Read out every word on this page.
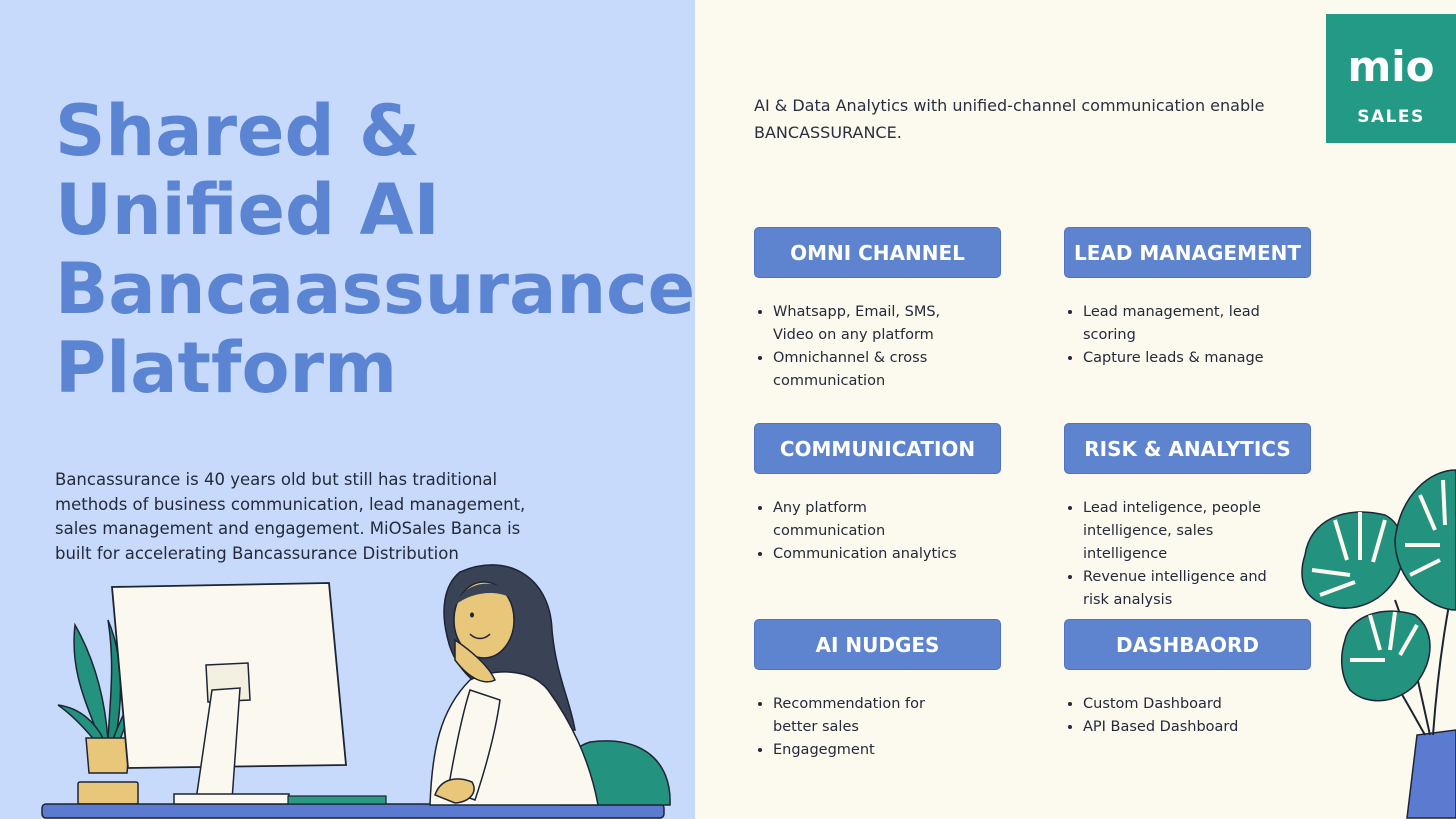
Shared &
Unified AI
Bancaassurance
Platform

Bancassurance is 40 years old but still has traditional methods of business communication, lead management, sales management and engagement. MiOSales Banca is built for accelerating Bancassurance Distribution

AI & Data Analytics with unified-channel communication enable BANCASSURANCE.

mio
SALES
OMNI CHANNEL
• Whatsapp, Email, SMS, Video on any platform
• Omnichannel & cross communication
LEAD MANAGEMENT
• Lead management, lead scoring
• Capture leads & manage
COMMUNICATION
• Any platform communication
• Communication analytics
RISK & ANALYTICS
• Lead inteligence, people intelligence, sales intelligence
• Revenue intelligence and risk analysis
AI NUDGES
• Recommendation for better sales
• Engagegment
DASHBAORD
• Custom Dashboard
• API Based Dashboard
